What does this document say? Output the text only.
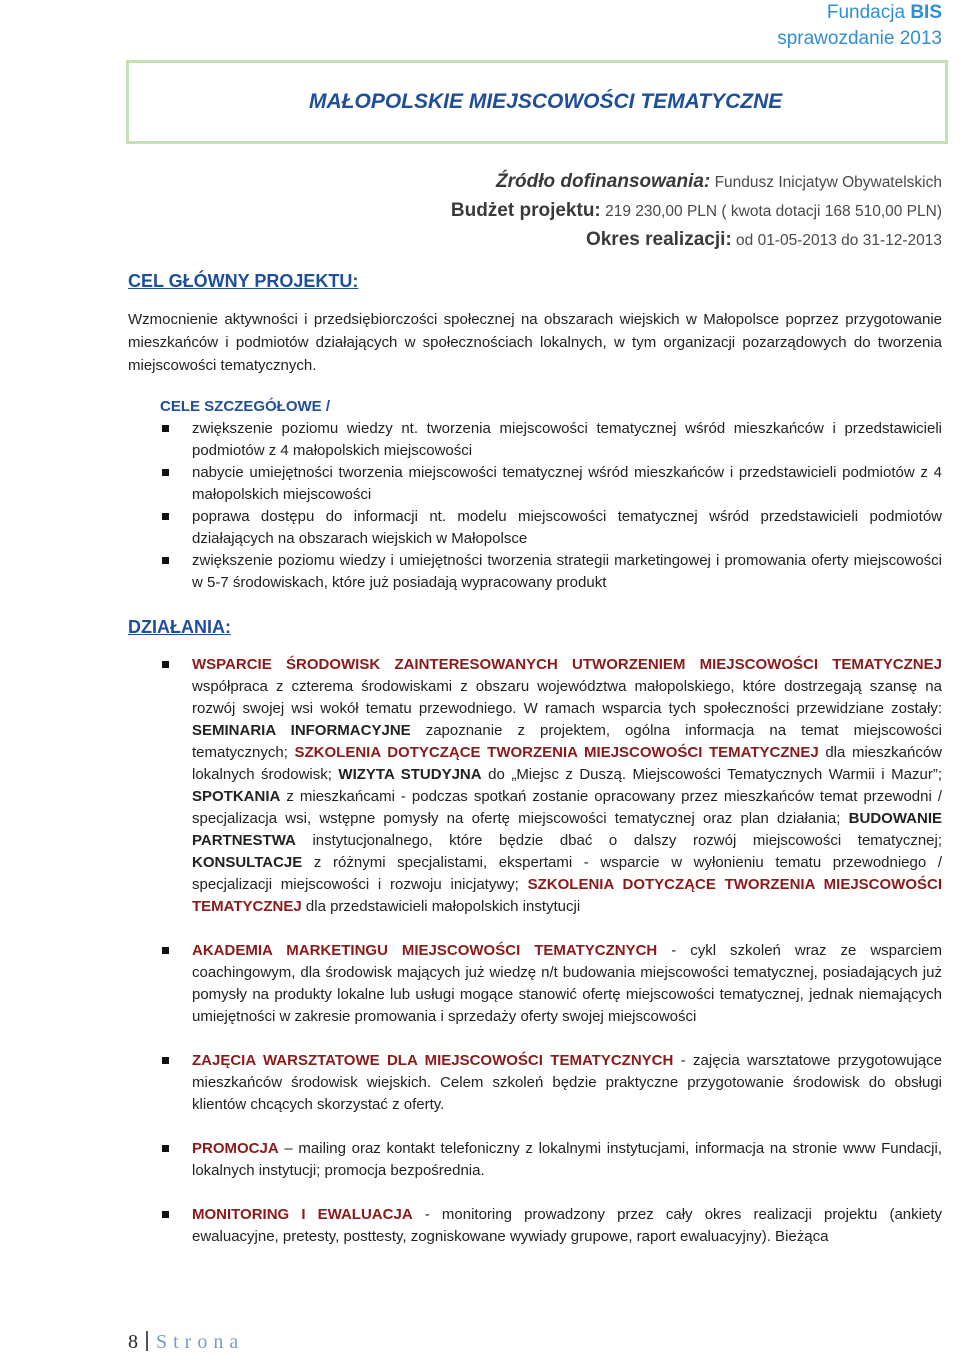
Fundacja BIS
sprawozdanie 2013
MAŁOPOLSKIE MIEJSCOWOŚCI TEMATYCZNE
Źródło dofinansowania: Fundusz Inicjatyw Obywatelskich
Budżet projektu: 219 230,00 PLN ( kwota dotacji 168 510,00 PLN)
Okres realizacji: od 01-05-2013 do 31-12-2013
CEL GŁÓWNY PROJEKTU:
Wzmocnienie aktywności i przedsiębiorczości społecznej na obszarach wiejskich w Małopolsce poprzez przygotowanie mieszkańców i podmiotów działających w społecznościach lokalnych, w tym organizacji pozarządowych do tworzenia miejscowości tematycznych.
CELE SZCZEGÓŁOWE /
zwiększenie poziomu wiedzy nt. tworzenia miejscowości tematycznej wśród mieszkańców i przedstawicieli podmiotów z 4 małopolskich miejscowości
nabycie umiejętności tworzenia miejscowości tematycznej wśród mieszkańców i przedstawicieli podmiotów z 4 małopolskich miejscowości
poprawa dostępu do informacji nt. modelu miejscowości tematycznej wśród przedstawicieli podmiotów działających na obszarach wiejskich w Małopolsce
zwiększenie poziomu wiedzy i umiejętności tworzenia strategii marketingowej i promowania oferty miejscowości w 5-7 środowiskach, które już posiadają wypracowany produkt
DZIAŁANIA:
WSPARCIE ŚRODOWISK ZAINTERESOWANYCH UTWORZENIEM MIEJSCOWOŚCI TEMATYCZNEJ współpraca z czterema środowiskami z obszaru województwa małopolskiego, które dostrzegają szansę na rozwój swojej wsi wokół tematu przewodniego. W ramach wsparcia tych społeczności przewidziane zostały: SEMINARIA INFORMACYJNE zapoznanie z projektem, ogólna informacja na temat miejscowości tematycznych; SZKOLENIA DOTYCZĄCE TWORZENIA MIEJSCOWOŚCI TEMATYCZNEJ dla mieszkańców lokalnych środowisk; WIZYTA STUDYJNA do „Miejsc z Duszą. Miejscowości Tematycznych Warmii i Mazur”; SPOTKANIA z mieszkańcami - podczas spotkań zostanie opracowany przez mieszkańców temat przewodni / specjalizacja wsi, wstępne pomysły na ofertę miejscowości tematycznej oraz plan działania; BUDOWANIE PARTNESTWA instytucjonalnego, które będzie dbać o dalszy rozwój miejscowości tematycznej; KONSULTACJE z różnymi specjalistami, ekspertami - wsparcie w wyłonieniu tematu przewodniego / specjalizacji miejscowości i rozwoju inicjatywy; SZKOLENIA DOTYCZĄCE TWORZENIA MIEJSCOWOŚCI TEMATYCZNEJ dla przedstawicieli małopolskich instytucji
AKADEMIA MARKETINGU MIEJSCOWOŚCI TEMATYCZNYCH - cykl szkoleń wraz ze wsparciem coachingowym, dla środowisk mających już wiedzę n/t budowania miejscowości tematycznej, posiadających już pomysły na produkty lokalne lub usługi mogące stanowić ofertę miejscowości tematycznej, jednak niemających umiejętności w zakresie promowania i sprzedaży oferty swojej miejscowości
ZAJĘCIA WARSZTATOWE DLA MIEJSCOWOŚCI TEMATYCZNYCH - zajęcia warsztatowe przygotowujące mieszkańców środowisk wiejskich. Celem szkoleń będzie praktyczne przygotowanie środowisk do obsługi klientów chcących skorzystać z oferty.
PROMOCJA – mailing oraz kontakt telefoniczny z lokalnymi instytucjami, informacja na stronie www Fundacji, lokalnych instytucji; promocja bezpośrednia.
MONITORING I EWALUACJA - monitoring prowadzony przez cały okres realizacji projektu (ankiety ewaluacyjne, pretesty, posttesty, zogniskowane wywiady grupowe, raport ewaluacyjny). Bieżąca
8 Strona
